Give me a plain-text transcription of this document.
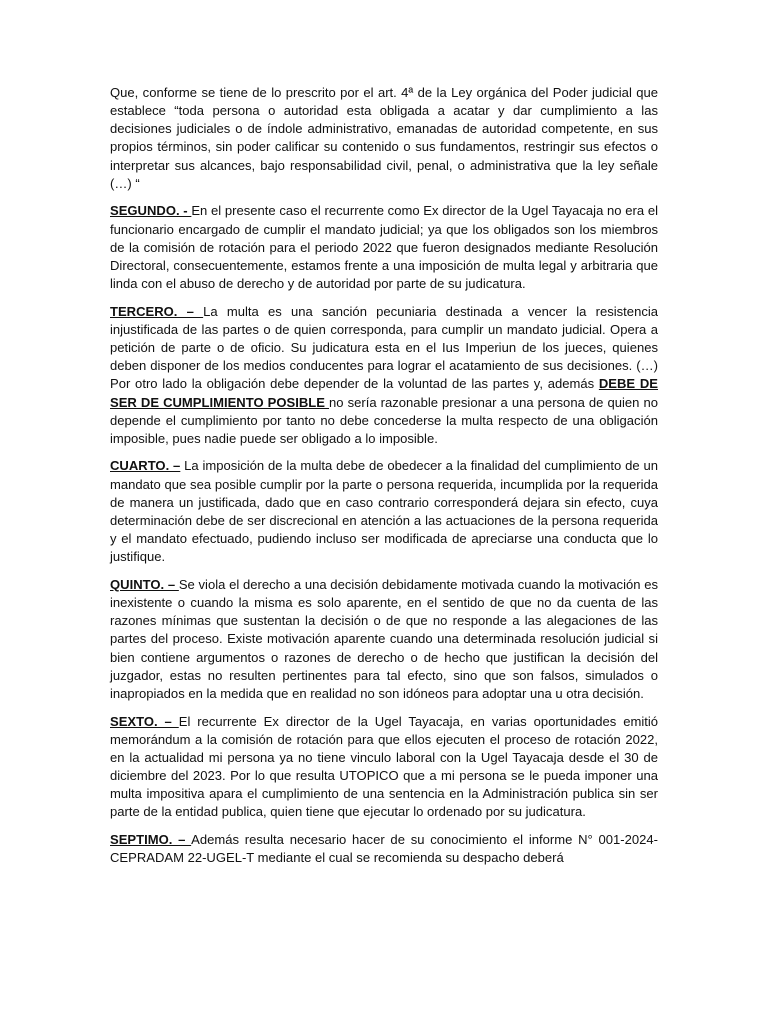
Que, conforme se tiene de lo prescrito por el art. 4ª de la Ley orgánica del Poder judicial que establece “toda persona o autoridad esta obligada a acatar y dar cumplimiento a las decisiones judiciales o de índole administrativo, emanadas de autoridad competente, en sus propios términos, sin poder calificar su contenido o sus fundamentos, restringir sus efectos o interpretar sus alcances, bajo responsabilidad civil, penal, o administrativa que la ley señale (…) “

SEGUNDO. - En el presente caso el recurrente como Ex director de la Ugel Tayacaja no era el funcionario encargado de cumplir el mandato judicial; ya que los obligados son los miembros de la comisión de rotación para el periodo 2022 que fueron designados mediante Resolución Directoral, consecuentemente, estamos frente a una imposición de multa legal y arbitraria que linda con el abuso de derecho y de autoridad por parte de su judicatura.

TERCERO. – La multa es una sanción pecuniaria destinada a vencer la resistencia injustificada de las partes o de quien corresponda, para cumplir un mandato judicial. Opera a petición de parte o de oficio. Su judicatura esta en el Ius Imperiun de los jueces, quienes deben disponer de los medios conducentes para lograr el acatamiento de sus decisiones. (…) Por otro lado la obligación debe depender de la voluntad de las partes y, además DEBE DE SER DE CUMPLIMIENTO POSIBLE no sería razonable presionar a una persona de quien no depende el cumplimiento por tanto no debe concederse la multa respecto de una obligación imposible, pues nadie puede ser obligado a lo imposible.

CUARTO. – La imposición de la multa debe de obedecer a la finalidad del cumplimiento de un mandato que sea posible cumplir por la parte o persona requerida, incumplida por la requerida de manera un justificada, dado que en caso contrario corresponderá dejara sin efecto, cuya determinación debe de ser discrecional en atención a las actuaciones de la persona requerida y el mandato efectuado, pudiendo incluso ser modificada de apreciarse una conducta que lo justifique.

QUINTO. – Se viola el derecho a una decisión debidamente motivada cuando la motivación es inexistente o cuando la misma es solo aparente, en el sentido de que no da cuenta de las razones mínimas que sustentan la decisión o de que no responde a las alegaciones de las partes del proceso. Existe motivación aparente cuando una determinada resolución judicial si bien contiene argumentos o razones de derecho o de hecho que justifican la decisión del juzgador, estas no resulten pertinentes para tal efecto, sino que son falsos, simulados o inapropiados en la medida que en realidad no son idóneos para adoptar una u otra decisión.

SEXTO. – El recurrente Ex director de la Ugel Tayacaja, en varias oportunidades emitió memorándum a la comisión de rotación para que ellos ejecuten el proceso de rotación 2022, en la actualidad mi persona ya no tiene vinculo laboral con la Ugel Tayacaja desde el 30 de diciembre del 2023. Por lo que resulta UTOPICO que a mi persona se le pueda imponer una multa impositiva apara el cumplimiento de una sentencia en la Administración publica sin ser parte de la entidad publica, quien tiene que ejecutar lo ordenado por su judicatura.

SEPTIMO. – Además resulta necesario hacer de su conocimiento el informe N° 001-2024-CEPRADAM 22-UGEL-T mediante el cual se recomienda su despacho deberá
